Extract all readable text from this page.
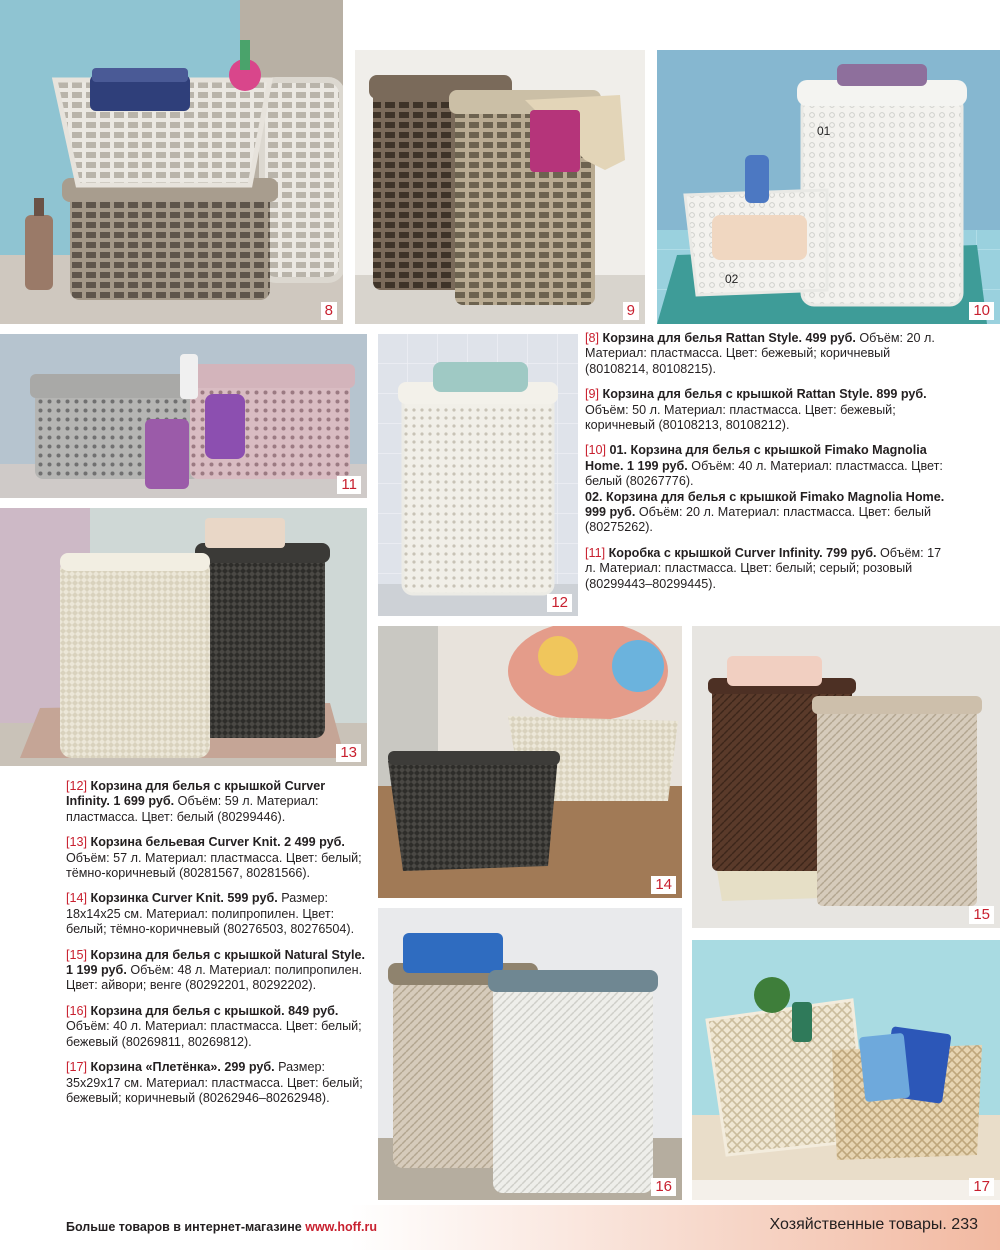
8	9
01
02
10
11
12
13
14
15
16	17

[8] Корзина для белья Rattan Style. 499 руб. Объём: 20 л. Материал: пластмасса. Цвет: бежевый; коричневый (80108214, 80108215).

[9] Корзина для белья с крышкой Rattan Style. 899 руб. Объём: 50 л. Материал: пластмасса. Цвет: бежевый; коричневый (80108213, 80108212).

[10] 01. Корзина для белья с крышкой Fimako Magnolia Home. 1 199 руб. Объём: 40 л. Материал: пластмасса. Цвет: белый (80267776).
02. Корзина для белья с крышкой Fimako Magnolia Home. 999 руб. Объём: 20 л. Материал: пластмасса. Цвет: белый (80275262).

[11] Коробка с крышкой Curver Infinity. 799 руб. Объём: 17 л. Материал: пластмасса. Цвет: белый; серый; розовый (80299443–80299445).

[12] Корзина для белья с крышкой Curver Infinity. 1 699 руб. Объём: 59 л. Материал: пластмасса. Цвет: белый (80299446).

[13] Корзина бельевая Curver Knit. 2 499 руб. Объём: 57 л. Материал: пластмасса. Цвет: белый; тёмно-коричневый (80281567, 80281566).

[14] Корзинка Curver Knit. 599 руб. Размер: 18х14х25 см. Материал: полипропилен. Цвет: белый; тёмно-коричневый (80276503, 80276504).

[15] Корзина для белья с крышкой Natural Style. 1 199 руб. Объём: 48 л. Материал: полипропилен. Цвет: айвори; венге (80292201, 80292202).

[16] Корзина для белья с крышкой. 849 руб. Объём: 40 л. Материал: пластмасса. Цвет: белый; бежевый (80269811, 80269812).

[17] Корзина «Плетёнка». 299 руб. Размер: 35х29х17 см. Материал: пластмасса. Цвет: белый; бежевый; коричневый (80262946–80262948).

Больше товаров в интернет-магазине www.hoff.ru	Хозяйственные товары. 233
